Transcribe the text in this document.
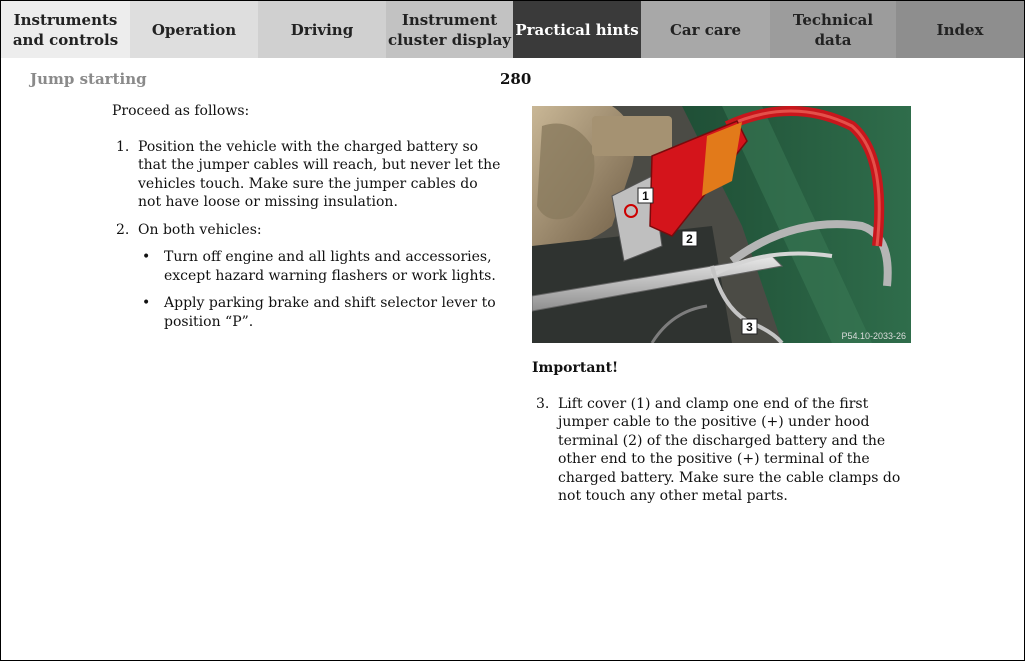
Instruments
and controls
Operation	Driving
Instrument
cluster display
Practical hints	Car care
Technical
data
Index
Jump starting	280

Proceed as follows:

1. Position the vehicle with the charged battery so that the jumper cables will reach, but never let the vehicles touch. Make sure the jumper cables do not have loose or missing insulation.
2. On both vehicles:
• Turn off engine and all lights and accessories, except hazard warning flashers or work lights.
• Apply parking brake and shift selector lever to position “P”.
1
2
3
P54.10-2033-26

Important!

3. Lift cover (1) and clamp one end of the first jumper cable to the positive (+) under hood terminal (2) of the discharged battery and the other end to the positive (+) terminal of the charged battery. Make sure the cable clamps do not touch any other metal parts.
